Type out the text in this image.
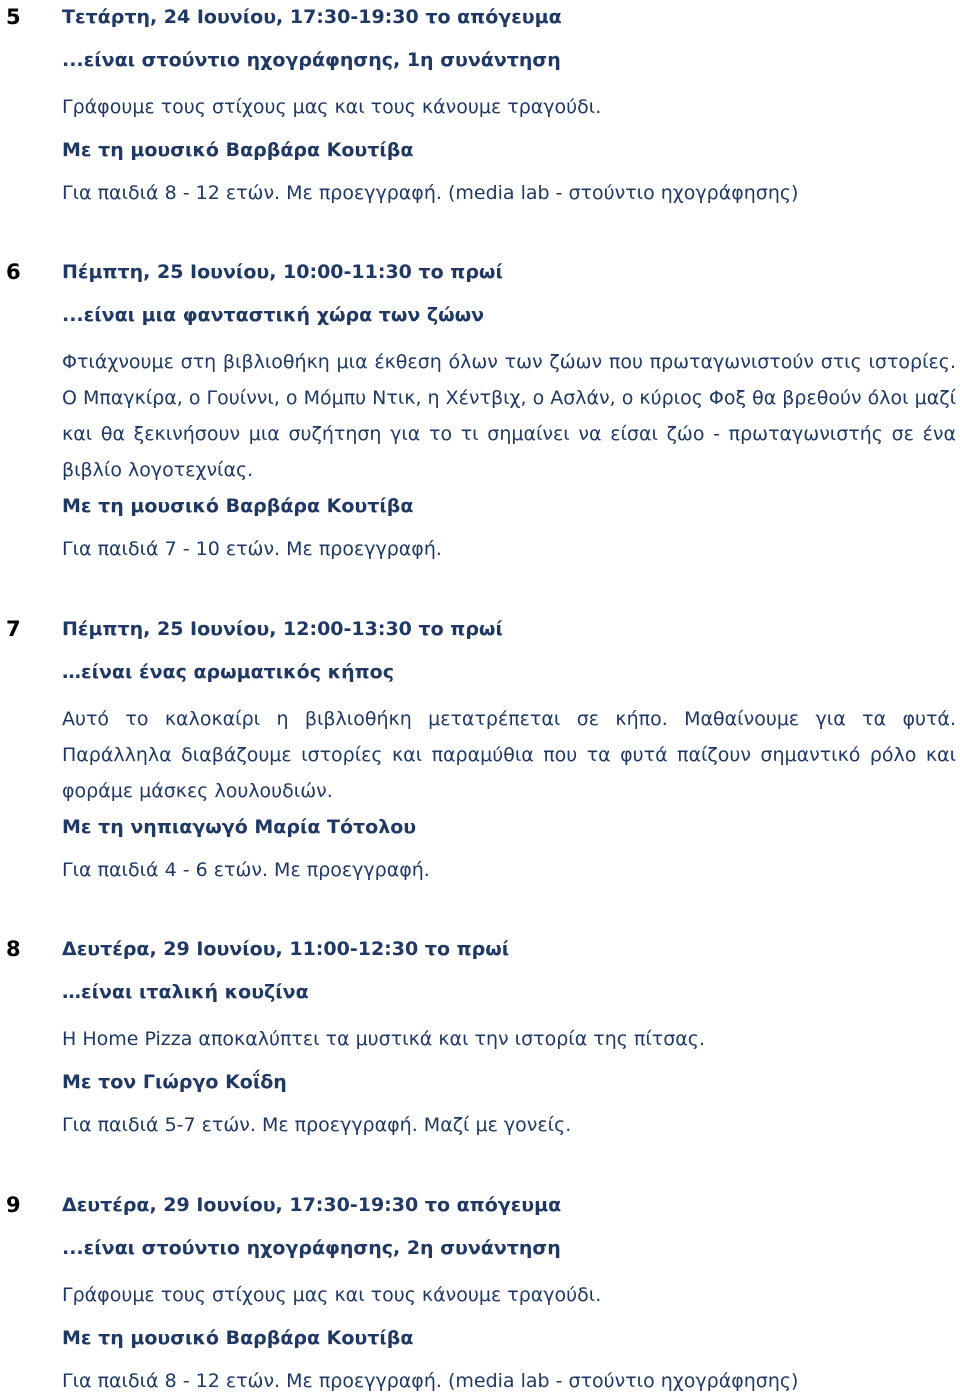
5 Τετάρτη, 24 Ιουνίου, 17:30-19:30 το απόγευμα
...είναι στούντιο ηχογράφησης, 1η συνάντηση
Γράφουμε τους στίχους μας και τους κάνουμε τραγούδι.
Με τη μουσικό Βαρβάρα Κουτίβα
Για παιδιά 8 - 12 ετών. Με προεγγραφή. (media lab - στούντιο ηχογράφησης)
6 Πέμπτη, 25 Ιουνίου, 10:00-11:30 το πρωί
...είναι μια φανταστική χώρα των ζώων
Φτιάχνουμε στη βιβλιοθήκη μια έκθεση όλων των ζώων που πρωταγωνιστούν στις ιστορίες. Ο Μπαγκίρα, ο Γουίννι, ο Μόμπυ Ντικ, η Χέντβιχ, ο Ασλάν, ο κύριος Φοξ θα βρεθούν όλοι μαζί και θα ξεκινήσουν μια συζήτηση για το τι σημαίνει να είσαι ζώο - πρωταγωνιστής σε ένα βιβλίο λογοτεχνίας.
Με τη μουσικό Βαρβάρα Κουτίβα
Για παιδιά 7 - 10 ετών. Με προεγγραφή.
7 Πέμπτη, 25 Ιουνίου, 12:00-13:30 το πρωί
…είναι ένας αρωματικός κήπος
Αυτό το καλοκαίρι η βιβλιοθήκη μετατρέπεται σε κήπο. Μαθαίνουμε για τα φυτά. Παράλληλα διαβάζουμε ιστορίες και παραμύθια που τα φυτά παίζουν σημαντικό ρόλο και φοράμε μάσκες λουλουδιών.
Με τη νηπιαγωγό Μαρία Τότολου
Για παιδιά 4 - 6 ετών. Με προεγγραφή.
8 Δευτέρα, 29 Ιουνίου, 11:00-12:30 το πρωί
…είναι ιταλική κουζίνα
Η Home Pizza αποκαλύπτει τα μυστικά και την ιστορία της πίτσας.
Με τον Γιώργο Κοΐδη
Για παιδιά 5-7 ετών. Με προεγγραφή. Μαζί με γονείς.
9 Δευτέρα, 29 Ιουνίου, 17:30-19:30 το απόγευμα
...είναι στούντιο ηχογράφησης, 2η συνάντηση
Γράφουμε τους στίχους μας και τους κάνουμε τραγούδι.
Με τη μουσικό Βαρβάρα Κουτίβα
Για παιδιά 8 - 12 ετών. Με προεγγραφή. (media lab - στούντιο ηχογράφησης)
